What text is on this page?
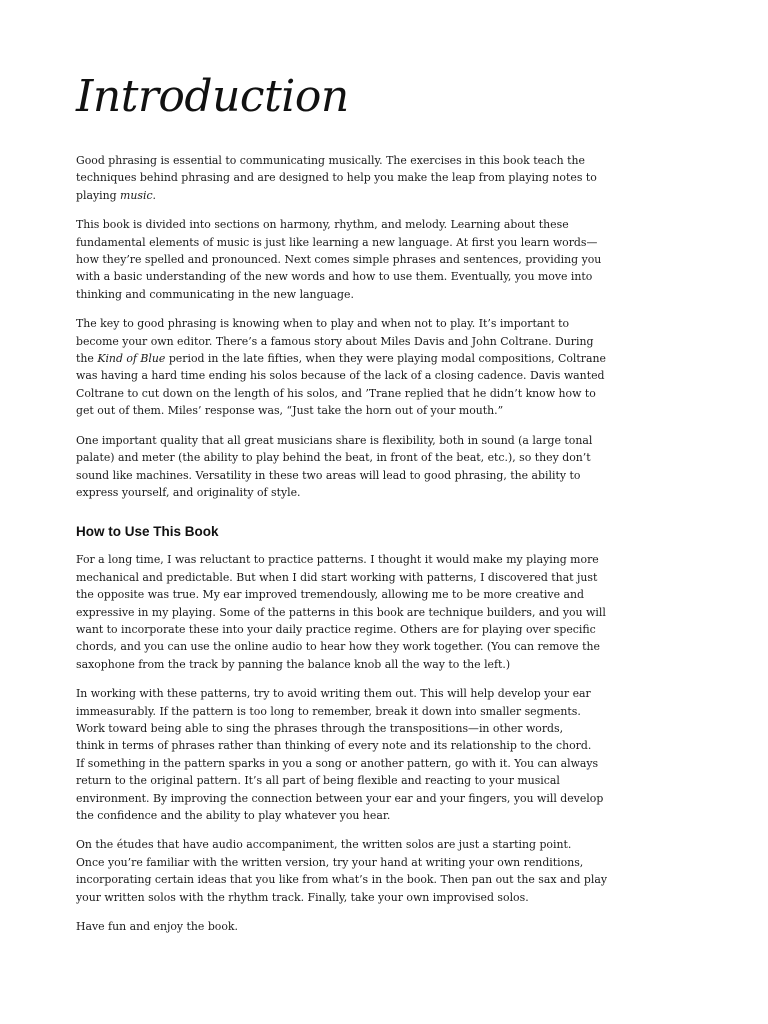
Introduction

Good phrasing is essential to communicating musically. The exercises in this book teach the
techniques behind phrasing and are designed to help you make the leap from playing notes to
playing music.

This book is divided into sections on harmony, rhythm, and melody. Learning about these
fundamental elements of music is just like learning a new language. At first you learn words—
how they’re spelled and pronounced. Next comes simple phrases and sentences, providing you
with a basic understanding of the new words and how to use them. Eventually, you move into
thinking and communicating in the new language.

The key to good phrasing is knowing when to play and when not to play. It’s important to
become your own editor. There’s a famous story about Miles Davis and John Coltrane. During
the Kind of Blue period in the late fifties, when they were playing modal compositions, Coltrane
was having a hard time ending his solos because of the lack of a closing cadence. Davis wanted
Coltrane to cut down on the length of his solos, and ’Trane replied that he didn’t know how to
get out of them. Miles’ response was, “Just take the horn out of your mouth.”

One important quality that all great musicians share is flexibility, both in sound (a large tonal
palate) and meter (the ability to play behind the beat, in front of the beat, etc.), so they don’t
sound like machines. Versatility in these two areas will lead to good phrasing, the ability to
express yourself, and originality of style.

How to Use This Book

For a long time, I was reluctant to practice patterns. I thought it would make my playing more
mechanical and predictable. But when I did start working with patterns, I discovered that just
the opposite was true. My ear improved tremendously, allowing me to be more creative and
expressive in my playing. Some of the patterns in this book are technique builders, and you will
want to incorporate these into your daily practice regime. Others are for playing over specific
chords, and you can use the online audio to hear how they work together. (You can remove the
saxophone from the track by panning the balance knob all the way to the left.)

In working with these patterns, try to avoid writing them out. This will help develop your ear
immeasurably. If the pattern is too long to remember, break it down into smaller segments.
Work toward being able to sing the phrases through the transpositions—in other words,
think in terms of phrases rather than thinking of every note and its relationship to the chord.
If something in the pattern sparks in you a song or another pattern, go with it. You can always
return to the original pattern. It’s all part of being flexible and reacting to your musical
environment. By improving the connection between your ear and your fingers, you will develop
the confidence and the ability to play whatever you hear.

On the études that have audio accompaniment, the written solos are just a starting point.
Once you’re familiar with the written version, try your hand at writing your own renditions,
incorporating certain ideas that you like from what’s in the book. Then pan out the sax and play
your written solos with the rhythm track. Finally, take your own improvised solos.

Have fun and enjoy the book.
